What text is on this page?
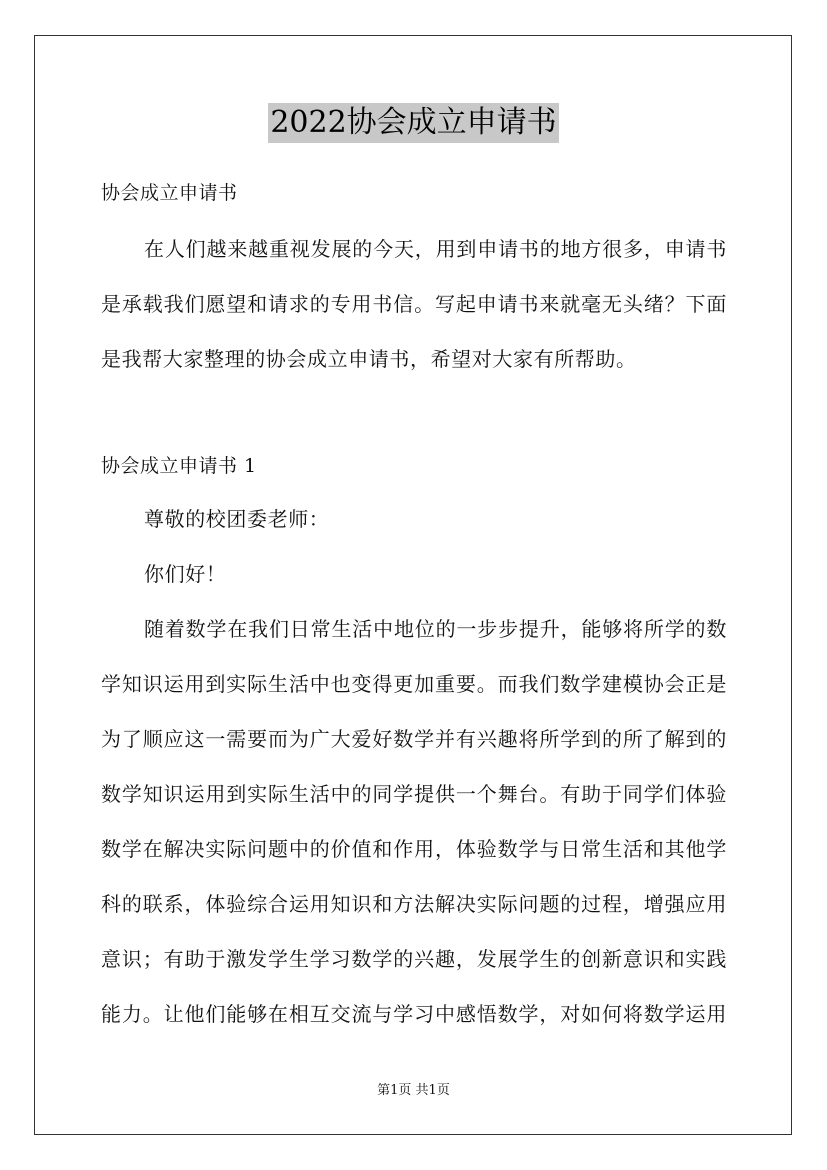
2022协会成立申请书
协会成立申请书
在人们越来越重视发展的今天，用到申请书的地方很多，申请书
是承载我们愿望和请求的专用书信。写起申请书来就毫无头绪？下面
是我帮大家整理的协会成立申请书，希望对大家有所帮助。
协会成立申请书 1
尊敬的校团委老师：
你们好！
随着数学在我们日常生活中地位的一步步提升，能够将所学的数
学知识运用到实际生活中也变得更加重要。而我们数学建模协会正是
为了顺应这一需要而为广大爱好数学并有兴趣将所学到的所了解到的
数学知识运用到实际生活中的同学提供一个舞台。有助于同学们体验
数学在解决实际问题中的价值和作用，体验数学与日常生活和其他学
科的联系，体验综合运用知识和方法解决实际问题的过程，增强应用
意识；有助于激发学生学习数学的兴趣，发展学生的创新意识和实践
能力。让他们能够在相互交流与学习中感悟数学，对如何将数学运用
第1页 共1页
